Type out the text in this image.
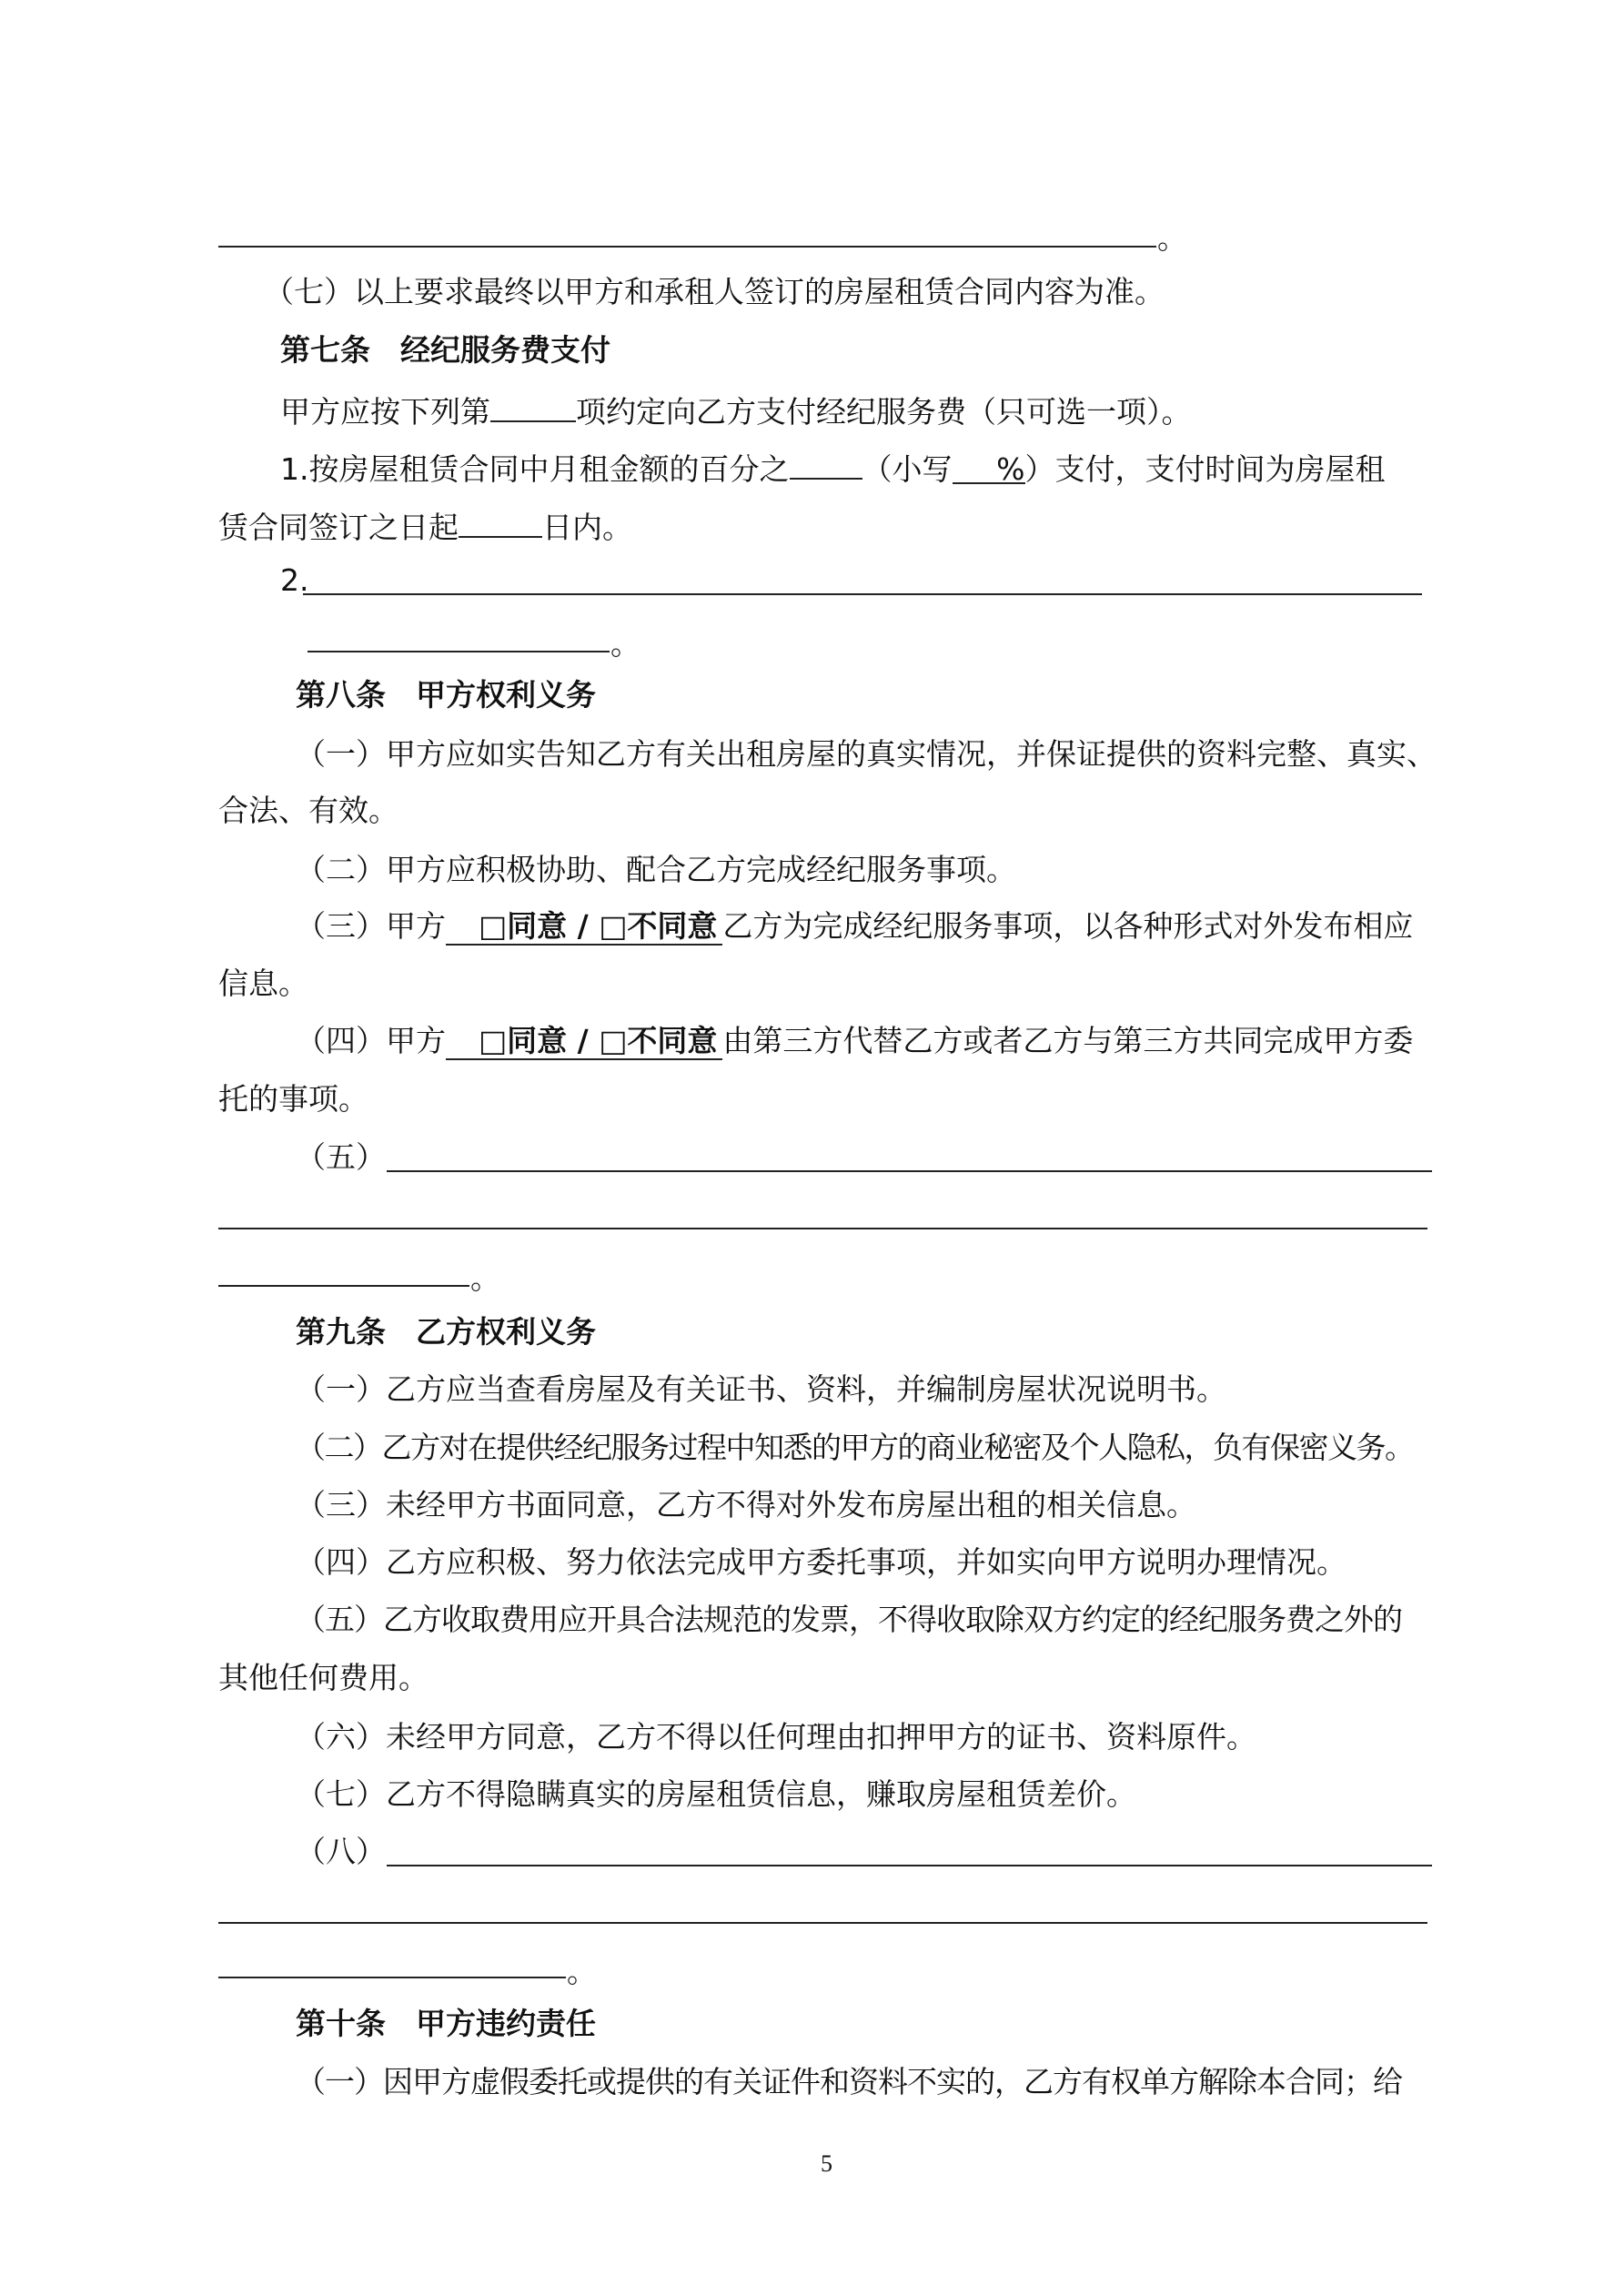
。
（七）以上要求最终以甲方和承租人签订的房屋租赁合同内容为准。
第七条　经纪服务费支付
甲方应按下列第	项约定向乙方支付经纪服务费（只可选一项）。
1.按房屋租赁合同中月租金额的百分之 （小写 %）支付，支付时间为房屋租
赁合同签订之日起	日内。
2.
。
第八条　甲方权利义务
（一）甲方应如实告知乙方有关出租房屋的真实情况，并保证提供的资料完整、真实、
合法、有效。
（二）甲方应积极协助、配合乙方完成经纪服务事项。
（三）甲方 □同意 / □不同意 乙方为完成经纪服务事项，以各种形式对外发布相应
信息。
（四）甲方 □同意 / □不同意 由第三方代替乙方或者乙方与第三方共同完成甲方委
托的事项。
（五）
。
第九条　乙方权利义务
（一）乙方应当查看房屋及有关证书、资料，并编制房屋状况说明书。
（二）乙方对在提供经纪服务过程中知悉的甲方的商业秘密及个人隐私，负有保密义务。
（三）未经甲方书面同意，乙方不得对外发布房屋出租的相关信息。
（四）乙方应积极、努力依法完成甲方委托事项，并如实向甲方说明办理情况。
（五）乙方收取费用应开具合法规范的发票，不得收取除双方约定的经纪服务费之外的
其他任何费用。
（六）未经甲方同意，乙方不得以任何理由扣押甲方的证书、资料原件。
（七）乙方不得隐瞒真实的房屋租赁信息，赚取房屋租赁差价。
（八）
。
第十条　甲方违约责任
（一）因甲方虚假委托或提供的有关证件和资料不实的，乙方有权单方解除本合同；给
5
